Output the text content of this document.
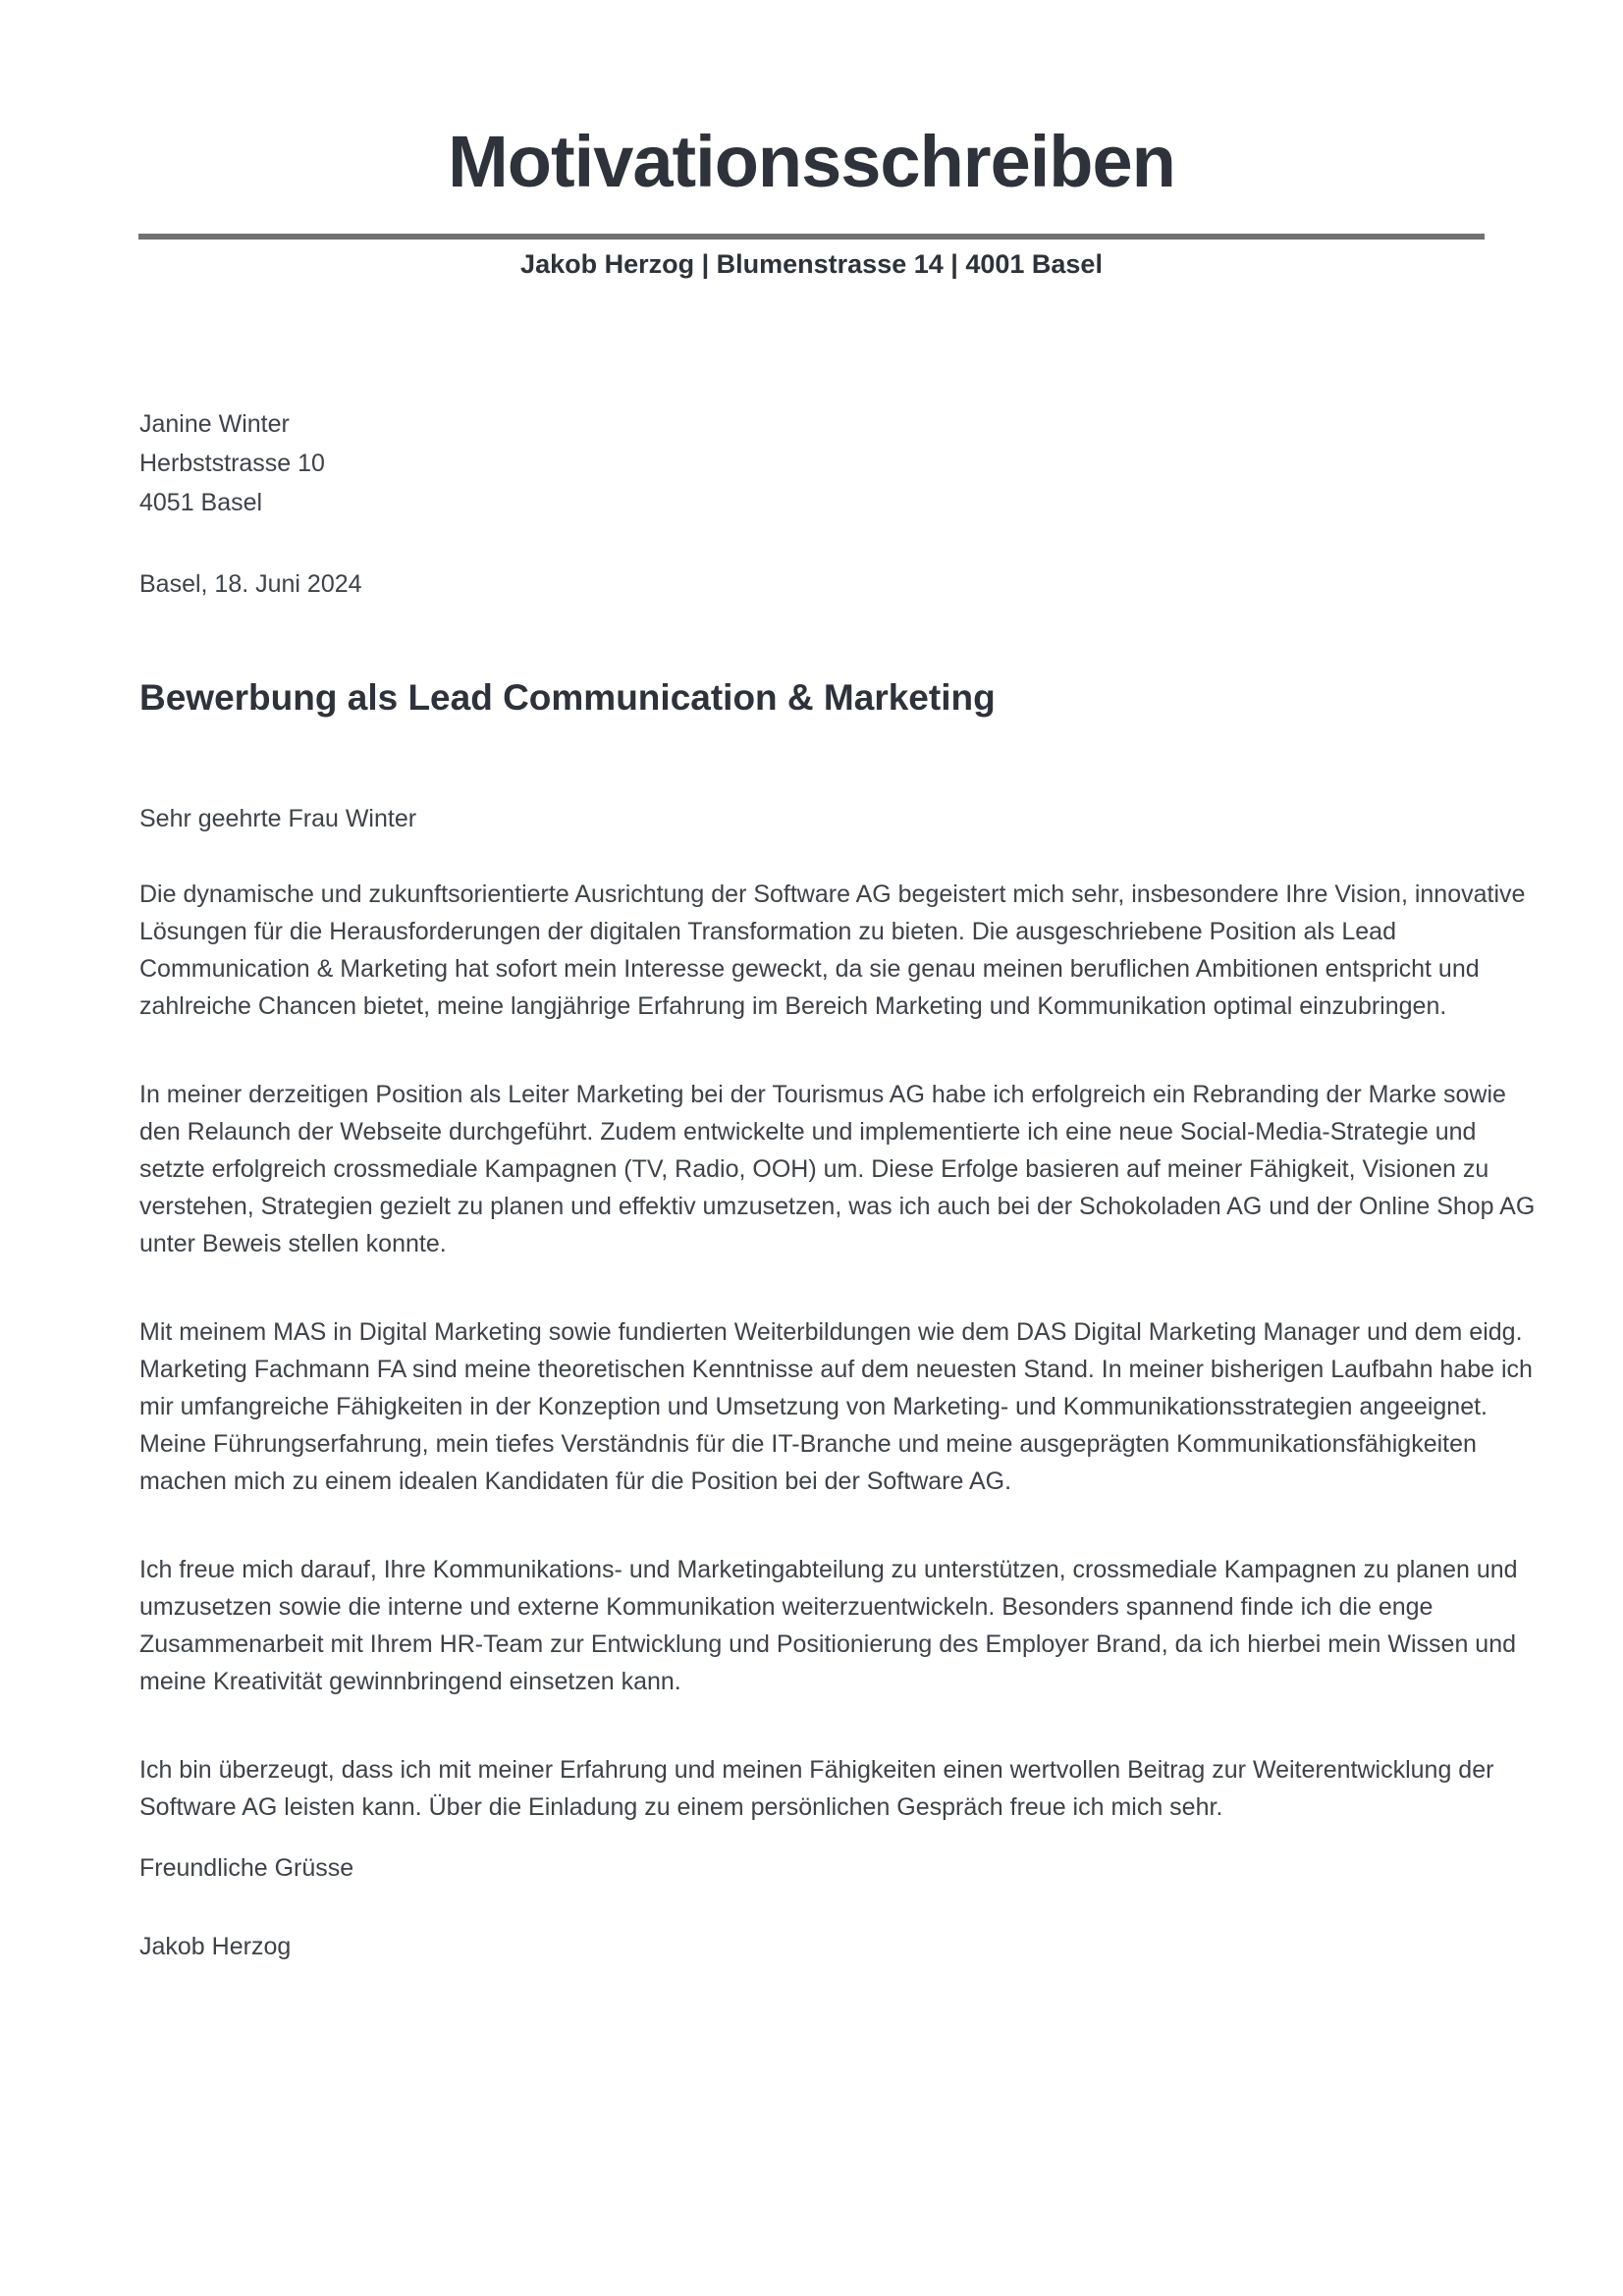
Motivationsschreiben
Jakob Herzog | Blumenstrasse 14 | 4001 Basel
Janine Winter
Herbststrasse 10
4051 Basel
Basel, 18. Juni 2024
Bewerbung als Lead Communication & Marketing
Sehr geehrte Frau Winter

Die dynamische und zukunftsorientierte Ausrichtung der Software AG begeistert mich sehr, insbesondere Ihre Vision, innovative Lösungen für die Herausforderungen der digitalen Transformation zu bieten. Die ausgeschriebene Position als Lead Communication & Marketing hat sofort mein Interesse geweckt, da sie genau meinen beruflichen Ambitionen entspricht und zahlreiche Chancen bietet, meine langjährige Erfahrung im Bereich Marketing und Kommunikation optimal einzubringen.

In meiner derzeitigen Position als Leiter Marketing bei der Tourismus AG habe ich erfolgreich ein Rebranding der Marke sowie den Relaunch der Webseite durchgeführt. Zudem entwickelte und implementierte ich eine neue Social-Media-Strategie und setzte erfolgreich crossmediale Kampagnen (TV, Radio, OOH) um. Diese Erfolge basieren auf meiner Fähigkeit, Visionen zu verstehen, Strategien gezielt zu planen und effektiv umzusetzen, was ich auch bei der Schokoladen AG und der Online Shop AG unter Beweis stellen konnte.

Mit meinem MAS in Digital Marketing sowie fundierten Weiterbildungen wie dem DAS Digital Marketing Manager und dem eidg. Marketing Fachmann FA sind meine theoretischen Kenntnisse auf dem neuesten Stand. In meiner bisherigen Laufbahn habe ich mir umfangreiche Fähigkeiten in der Konzeption und Umsetzung von Marketing- und Kommunikationsstrategien angeeignet. Meine Führungserfahrung, mein tiefes Verständnis für die IT-Branche und meine ausgeprägten Kommunikationsfähigkeiten machen mich zu einem idealen Kandidaten für die Position bei der Software AG.

Ich freue mich darauf, Ihre Kommunikations- und Marketingabteilung zu unterstützen, crossmediale Kampagnen zu planen und umzusetzen sowie die interne und externe Kommunikation weiterzuentwickeln. Besonders spannend finde ich die enge Zusammenarbeit mit Ihrem HR-Team zur Entwicklung und Positionierung des Employer Brand, da ich hierbei mein Wissen und meine Kreativität gewinnbringend einsetzen kann.

Ich bin überzeugt, dass ich mit meiner Erfahrung und meinen Fähigkeiten einen wertvollen Beitrag zur Weiterentwicklung der Software AG leisten kann. Über die Einladung zu einem persönlichen Gespräch freue ich mich sehr.

Freundliche Grüsse
Jakob Herzog
